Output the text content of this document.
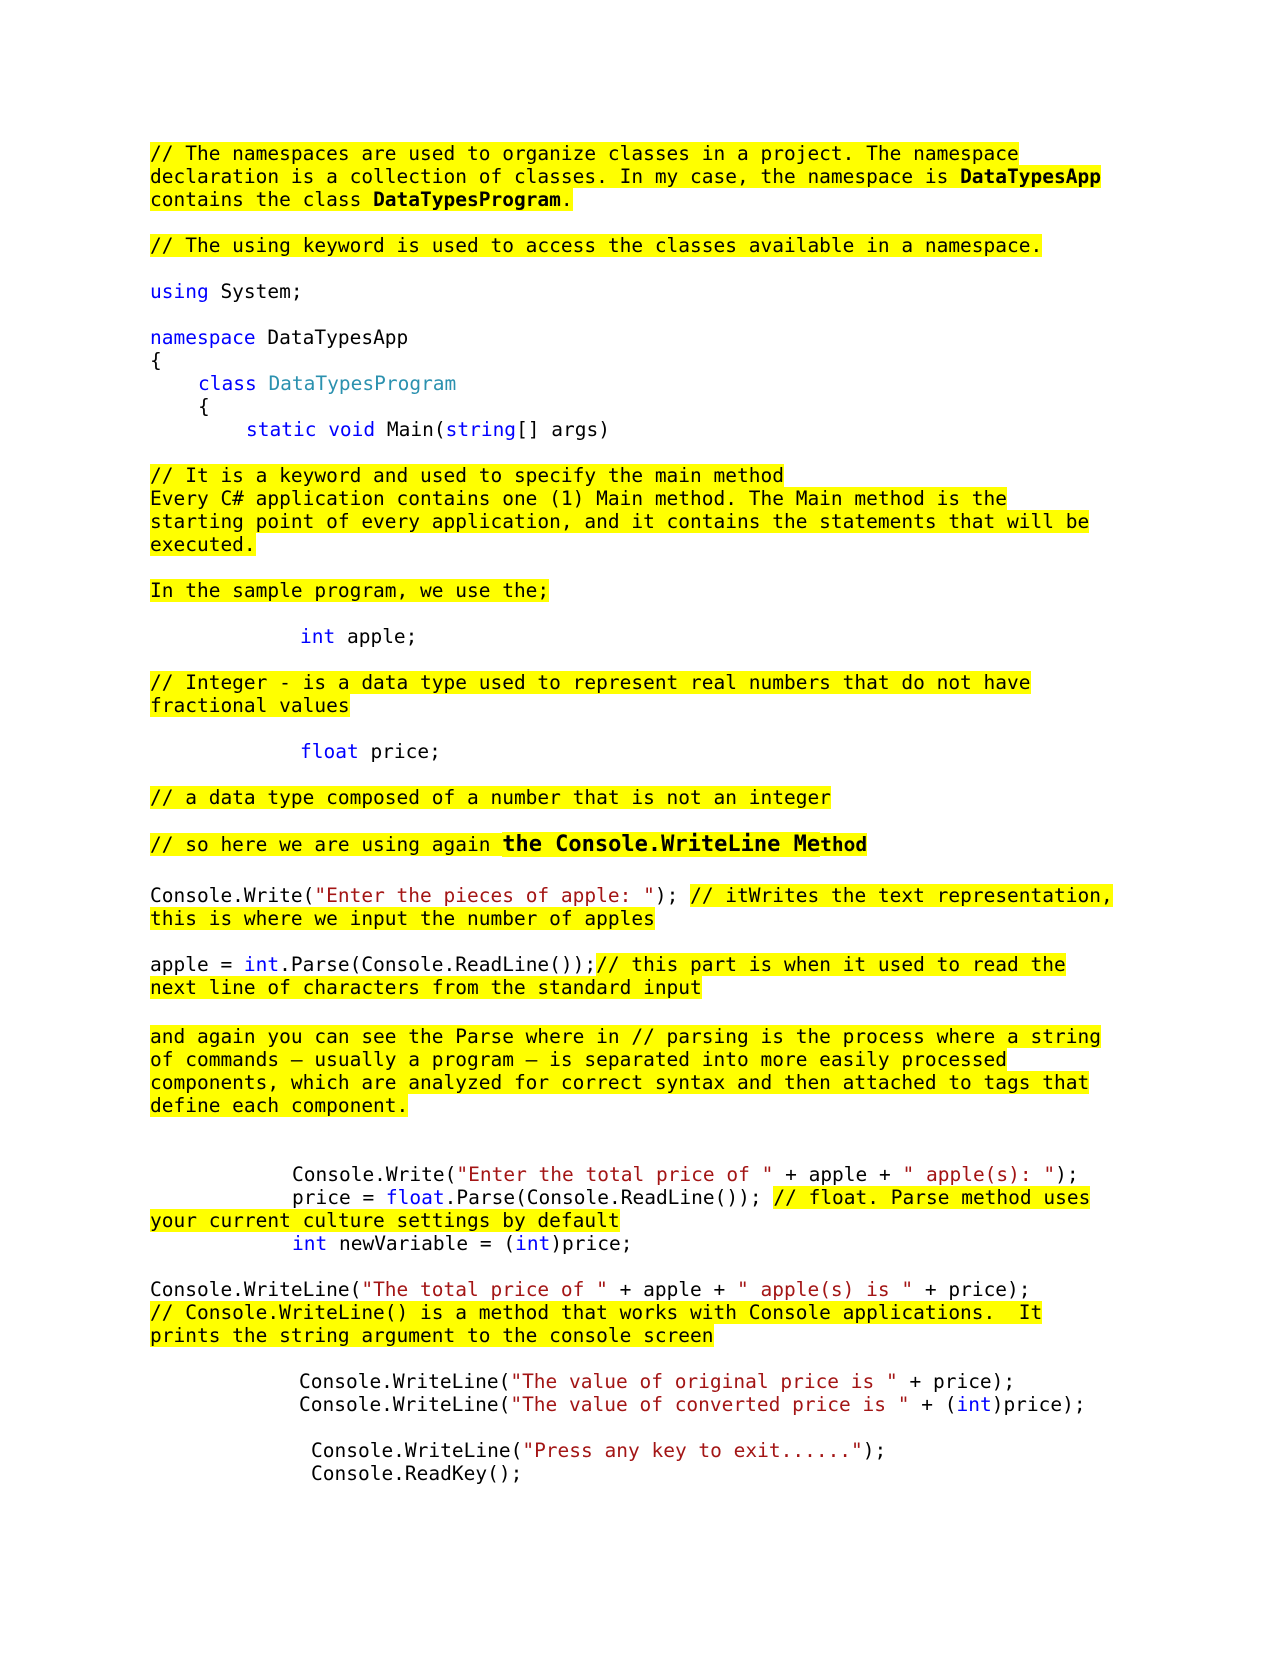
// The namespaces are used to organize classes in a project. The namespace
declaration is a collection of classes. In my case, the namespace is DataTypesApp
contains the class DataTypesProgram.
// The using keyword is used to access the classes available in a namespace.
using System;
namespace DataTypesApp
{
class DataTypesProgram
{
static void Main(string[] args)
// It is a keyword and used to specify the main method
Every C# application contains one (1) Main method. The Main method is the
starting point of every application, and it contains the statements that will be
executed.
In the sample program, we use the;
int apple;
// Integer - is a data type used to represent real numbers that do not have
fractional values
float price;
// a data type composed of a number that is not an integer
// so here we are using again the Console.WriteLine Method
Console.Write("Enter the pieces of apple: "); // itWrites the text representation,
this is where we input the number of apples
apple = int.Parse(Console.ReadLine());// this part is when it used to read the
next line of characters from the standard input
and again you can see the Parse where in // parsing is the process where a string
of commands – usually a program – is separated into more easily processed
components, which are analyzed for correct syntax and then attached to tags that
define each component.
Console.Write("Enter the total price of " + apple + " apple(s): ");
price = float.Parse(Console.ReadLine()); // float. Parse method uses
your current culture settings by default
int newVariable = (int)price;
Console.WriteLine("The total price of " + apple + " apple(s) is " + price);
// Console.WriteLine() is a method that works with Console applications.  It
prints the string argument to the console screen
Console.WriteLine("The value of original price is " + price);
Console.WriteLine("The value of converted price is " + (int)price);
Console.WriteLine("Press any key to exit......");
Console.ReadKey();
